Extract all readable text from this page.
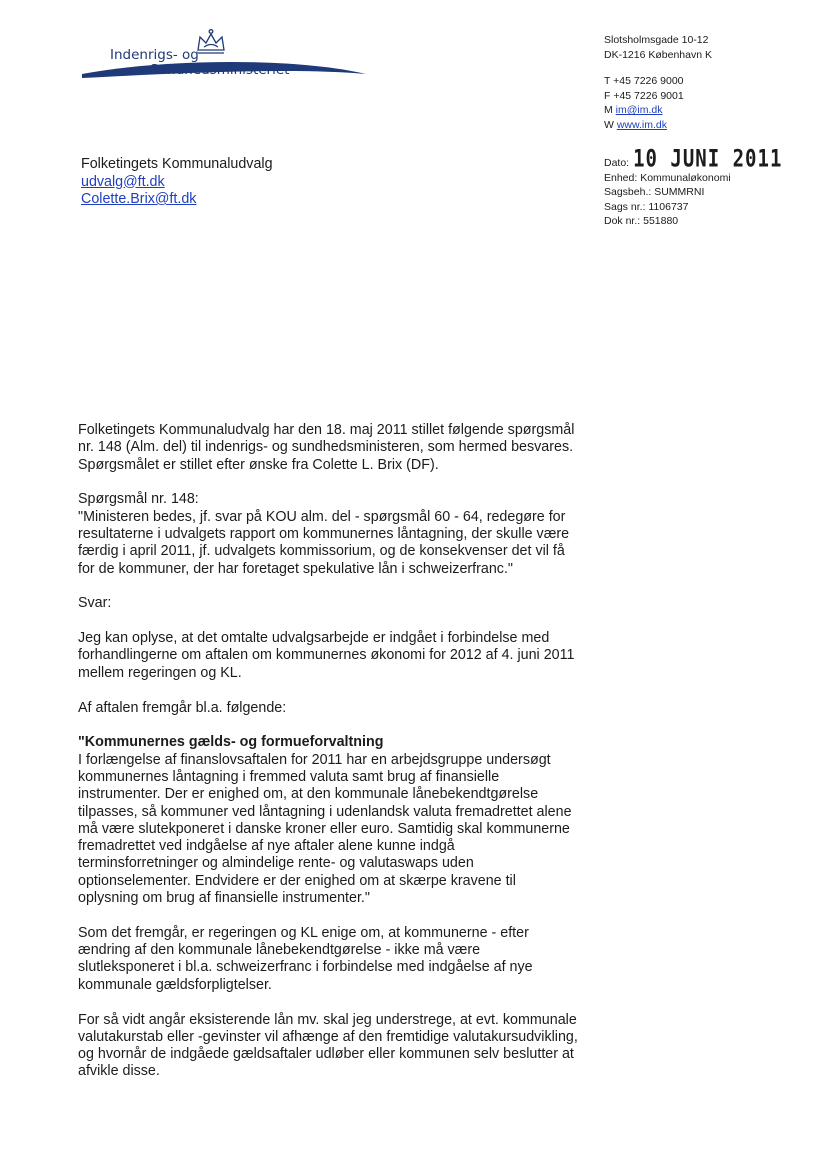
Indenrigs- og
Sundhedsministeriet
Slotsholmsgade 10-12
DK-1216 København K
T +45 7226 9000
F +45 7226 9001
M im@im.dk
W www.im.dk
Dato: 10 JUNI 2011
Enhed: Kommunaløkonomi
Sagsbeh.: SUMMRNI
Sags nr.: 1106737
Dok nr.: 551880
Folketingets Kommunaludvalg
udvalg@ft.dk
Colette.Brix@ft.dk

Folketingets Kommunaludvalg har den 18. maj 2011 stillet følgende spørgsmål nr. 148 (Alm. del) til indenrigs- og sundhedsministeren, som hermed besvares. Spørgsmålet er stillet efter ønske fra Colette L. Brix (DF).

Spørgsmål nr. 148:

"Ministeren bedes, jf. svar på KOU alm. del - spørgsmål 60 - 64, redegøre for resultaterne i udvalgets rapport om kommunernes låntagning, der skulle være færdig i april 2011, jf. udvalgets kommissorium, og de konsekvenser det vil få for de kommuner, der har foretaget spekulative lån i schweizerfranc."

Svar:

Jeg kan oplyse, at det omtalte udvalgsarbejde er indgået i forbindelse med forhandlingerne om aftalen om kommunernes økonomi for 2012 af 4. juni 2011 mellem regeringen og KL.

Af aftalen fremgår bl.a. følgende:

"Kommunernes gælds- og formueforvaltning

I forlængelse af finanslovsaftalen for 2011 har en arbejdsgruppe undersøgt kommunernes låntagning i fremmed valuta samt brug af finansielle instrumenter. Der er enighed om, at den kommunale lånebekendtgørelse tilpasses, så kommuner ved låntagning i udenlandsk valuta fremadrettet alene må være slutekponeret i danske kroner eller euro. Samtidig skal kommunerne fremadrettet ved indgåelse af nye aftaler alene kunne indgå terminsforretninger og almindelige rente- og valutaswaps uden optionselementer. Endvidere er der enighed om at skærpe kravene til oplysning om brug af finansielle instrumenter."

Som det fremgår, er regeringen og KL enige om, at kommunerne - efter ændring af den kommunale lånebekendtgørelse - ikke må være slutleksponeret i bl.a. schweizerfranc i forbindelse med indgåelse af nye kommunale gældsforpligtelser.

For så vidt angår eksisterende lån mv. skal jeg understrege, at evt. kommunale valutakurstab eller -gevinster vil afhænge af den fremtidige valutakursudvikling, og hvornår de indgåede gældsaftaler udløber eller kommunen selv beslutter at afvikle disse.
